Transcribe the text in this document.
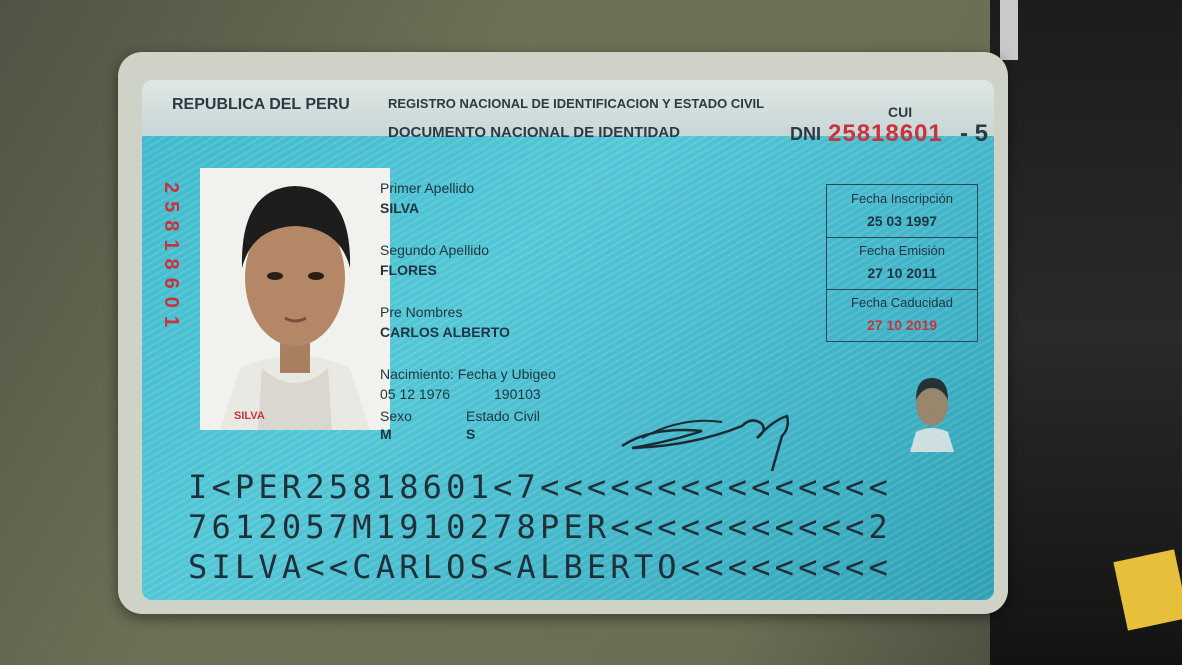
REPUBLICA DEL PERU	REGISTRO NACIONAL DE IDENTIFICACION Y ESTADO CIVIL
CUI
DOCUMENTO NACIONAL DE IDENTIDAD	DNI 25818601 - 5
25818601
SILVA
Primer Apellido
SILVA
Segundo Apellido
FLORES
Pre Nombres
CARLOS ALBERTO
Nacimiento: Fecha y Ubigeo
05 12 1976	190103
Sexo	Estado Civil
M	S
Fecha Inscripción
25 03 1997
Fecha Emisión
27 10 2011
Fecha Caducidad
27 10 2019
I<PER25818601<7<<<<<<<<<<<<<<<
7612057M1910278PER<<<<<<<<<<<2
SILVA<<CARLOS<ALBERTO<<<<<<<<<
